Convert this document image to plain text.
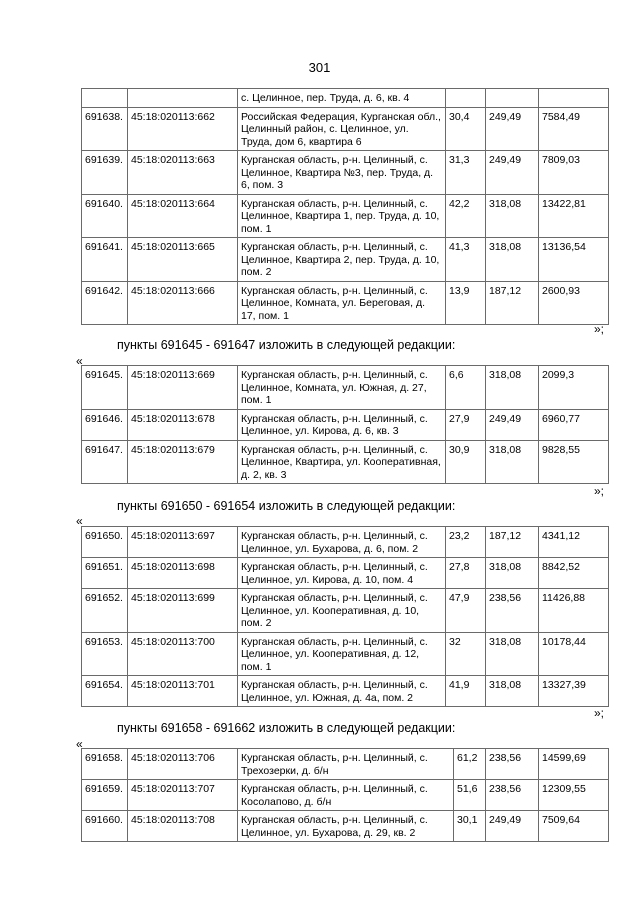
301
		с. Целинное, пер. Труда, д. 6, кв. 4			
691638.	45:18:020113:662	Российская Федерация, Курганская обл., Целинный район, с. Целинное, ул. Труда, дом 6, квартира 6	30,4	249,49	7584,49
691639.	45:18:020113:663	Курганская область, р-н. Целинный, с. Целинное, Квартира №3, пер. Труда, д. 6, пом. 3	31,3	249,49	7809,03
691640.	45:18:020113:664	Курганская область, р-н. Целинный, с. Целинное, Квартира 1, пер. Труда, д. 10, пом. 1	42,2	318,08	13422,81
691641.	45:18:020113:665	Курганская область, р-н. Целинный, с. Целинное, Квартира 2, пер. Труда, д. 10, пом. 2	41,3	318,08	13136,54
691642.	45:18:020113:666	Курганская область, р-н. Целинный, с. Целинное, Комната, ул. Береговая, д. 17, пом. 1	13,9	187,12	2600,93
»;
пункты 691645 - 691647 изложить в следующей редакции:
«
691645.	45:18:020113:669	Курганская область, р-н. Целинный, с. Целинное, Комната, ул. Южная, д. 27, пом. 1	6,6	318,08	2099,3
691646.	45:18:020113:678	Курганская область, р-н. Целинный, с. Целинное, ул. Кирова, д. 6, кв. 3	27,9	249,49	6960,77
691647.	45:18:020113:679	Курганская область, р-н. Целинный, с. Целинное, Квартира, ул. Кооперативная, д. 2, кв. 3	30,9	318,08	9828,55
»;
пункты 691650 - 691654 изложить в следующей редакции:
«
691650.	45:18:020113:697	Курганская область, р-н. Целинный, с. Целинное, ул. Бухарова, д. 6, пом. 2	23,2	187,12	4341,12
691651.	45:18:020113:698	Курганская область, р-н. Целинный, с. Целинное, ул. Кирова, д. 10, пом. 4	27,8	318,08	8842,52
691652.	45:18:020113:699	Курганская область, р-н. Целинный, с. Целинное, ул. Кооперативная, д. 10, пом. 2	47,9	238,56	11426,88
691653.	45:18:020113:700	Курганская область, р-н. Целинный, с. Целинное, ул. Кооперативная, д. 12, пом. 1	32	318,08	10178,44
691654.	45:18:020113:701	Курганская область, р-н. Целинный, с. Целинное, ул. Южная, д. 4а, пом. 2	41,9	318,08	13327,39
»;
пункты 691658 - 691662 изложить в следующей редакции:
«
691658.	45:18:020113:706	Курганская область, р-н. Целинный, с. Трехозерки, д. б/н	61,2	238,56	14599,69
691659.	45:18:020113:707	Курганская область, р-н. Целинный, с. Косолапово, д. б/н	51,6	238,56	12309,55
691660.	45:18:020113:708	Курганская область, р-н. Целинный, с. Целинное, ул. Бухарова, д. 29, кв. 2	30,1	249,49	7509,64
